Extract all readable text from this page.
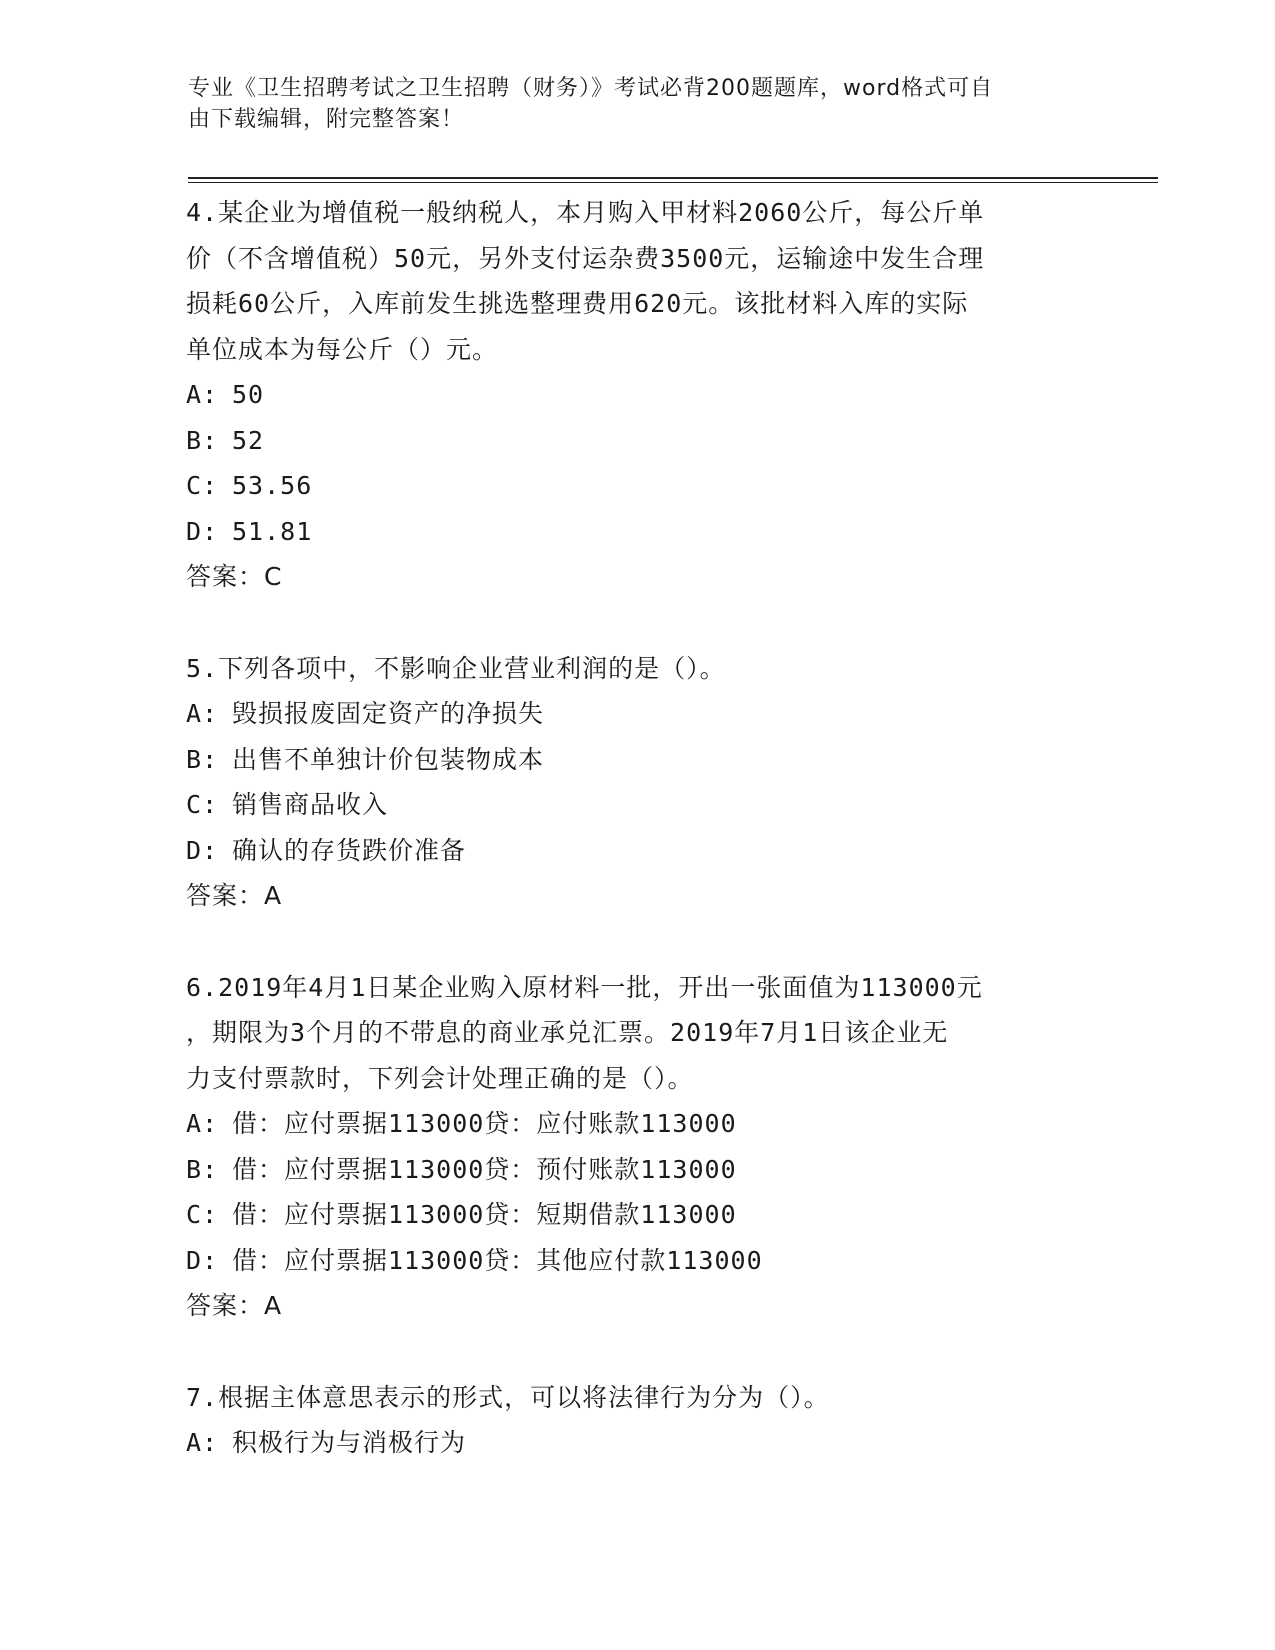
专业《卫生招聘考试之卫生招聘（财务）》考试必背200题题库，word格式可自
由下载编辑，附完整答案！
4.某企业为增值税一般纳税人，本月购入甲材料2060公斤，每公斤单
价（不含增值税）50元，另外支付运杂费3500元，运输途中发生合理
损耗60公斤，入库前发生挑选整理费用620元。该批材料入库的实际
单位成本为每公斤（）元。
A: 50
B: 52
C: 53.56
D: 51.81
答案：C
5.下列各项中，不影响企业营业利润的是（）。
A: 毁损报废固定资产的净损失
B: 出售不单独计价包装物成本
C: 销售商品收入
D: 确认的存货跌价准备
答案：A
6.2019年4月1日某企业购入原材料一批，开出一张面值为113000元
，期限为3个月的不带息的商业承兑汇票。2019年7月1日该企业无
力支付票款时，下列会计处理正确的是（）。
A: 借：应付票据113000贷：应付账款113000
B: 借：应付票据113000贷：预付账款113000
C: 借：应付票据113000贷：短期借款113000
D: 借：应付票据113000贷：其他应付款113000
答案：A
7.根据主体意思表示的形式，可以将法律行为分为（）。
A: 积极行为与消极行为
